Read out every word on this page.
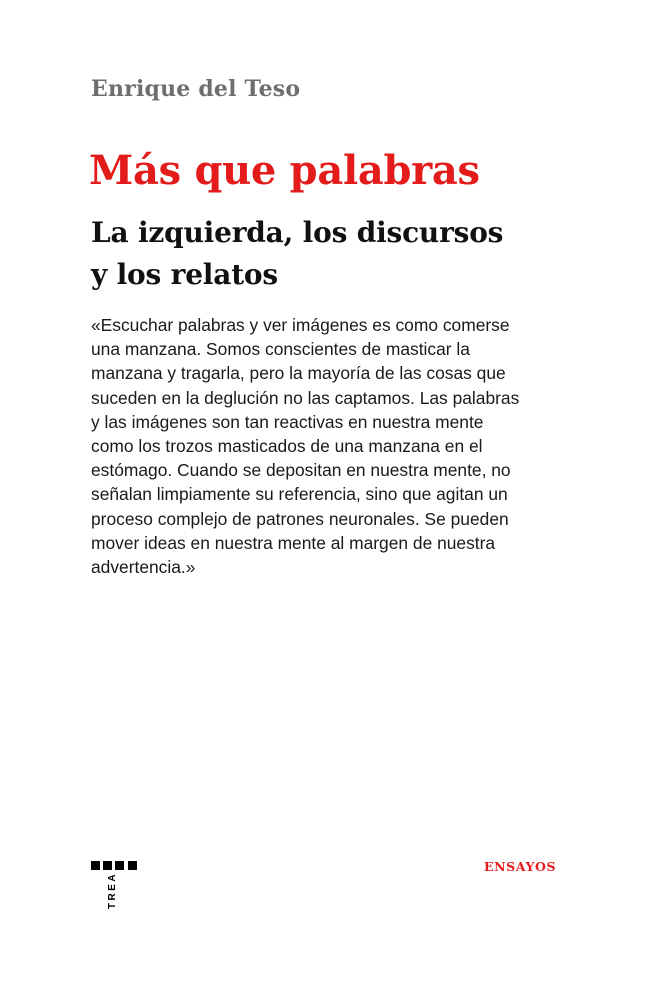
Enrique del Teso
Más que palabras
La izquierda, los discursos
y los relatos
«Escuchar palabras y ver imágenes es como comerse
una manzana. Somos conscientes de masticar la
manzana y tragarla, pero la mayoría de las cosas que
suceden en la deglución no las captamos. Las palabras
y las imágenes son tan reactivas en nuestra mente
como los trozos masticados de una manzana en el
estómago. Cuando se depositan en nuestra mente, no
señalan limpiamente su referencia, sino que agitan un
proceso complejo de patrones neuronales. Se pueden
mover ideas en nuestra mente al margen de nuestra
advertencia.»
TREA
ENSAYOS
